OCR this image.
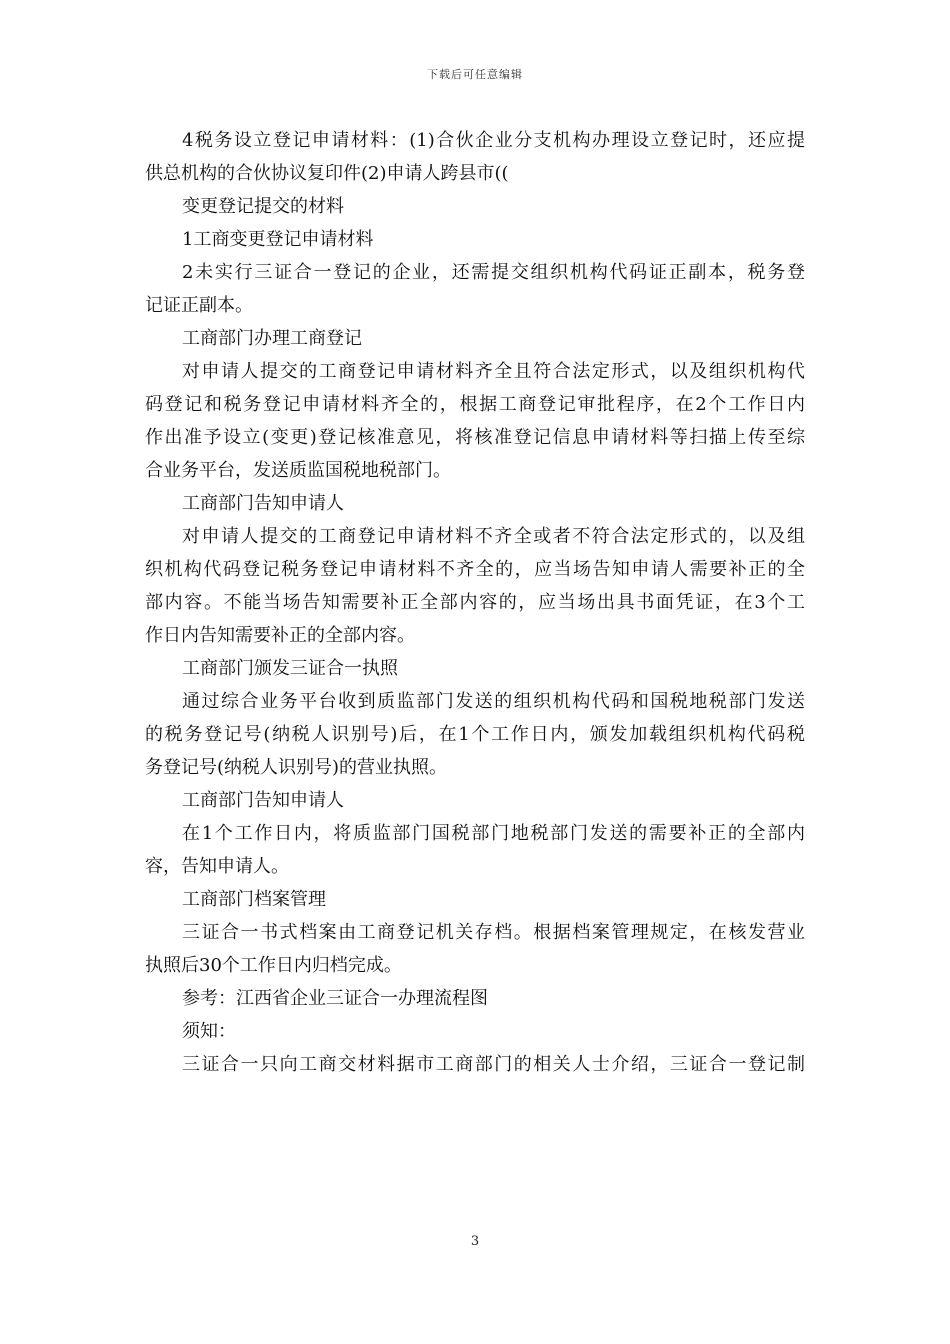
下载后可任意编辑
4税务设立登记申请材料：(1)合伙企业分支机构办理设立登记时，还应提
供总机构的合伙协议复印件(2)申请人跨县市((
变更登记提交的材料
1工商变更登记申请材料
2未实行三证合一登记的企业，还需提交组织机构代码证正副本，税务登
记证正副本。
工商部门办理工商登记
对申请人提交的工商登记申请材料齐全且符合法定形式，以及组织机构代
码登记和税务登记申请材料齐全的，根据工商登记审批程序，在2个工作日内
作出准予设立(变更)登记核准意见，将核准登记信息申请材料等扫描上传至综
合业务平台，发送质监国税地税部门。
工商部门告知申请人
对申请人提交的工商登记申请材料不齐全或者不符合法定形式的，以及组
织机构代码登记税务登记申请材料不齐全的，应当场告知申请人需要补正的全
部内容。不能当场告知需要补正全部内容的，应当场出具书面凭证，在3个工
作日内告知需要补正的全部内容。
工商部门颁发三证合一执照
通过综合业务平台收到质监部门发送的组织机构代码和国税地税部门发送
的税务登记号(纳税人识别号)后，在1个工作日内，颁发加载组织机构代码税
务登记号(纳税人识别号)的营业执照。
工商部门告知申请人
在1个工作日内，将质监部门国税部门地税部门发送的需要补正的全部内
容，告知申请人。
工商部门档案管理
三证合一书式档案由工商登记机关存档。根据档案管理规定，在核发营业
执照后30个工作日内归档完成。
参考：江西省企业三证合一办理流程图
须知：
三证合一只向工商交材料据市工商部门的相关人士介绍，三证合一登记制
3
